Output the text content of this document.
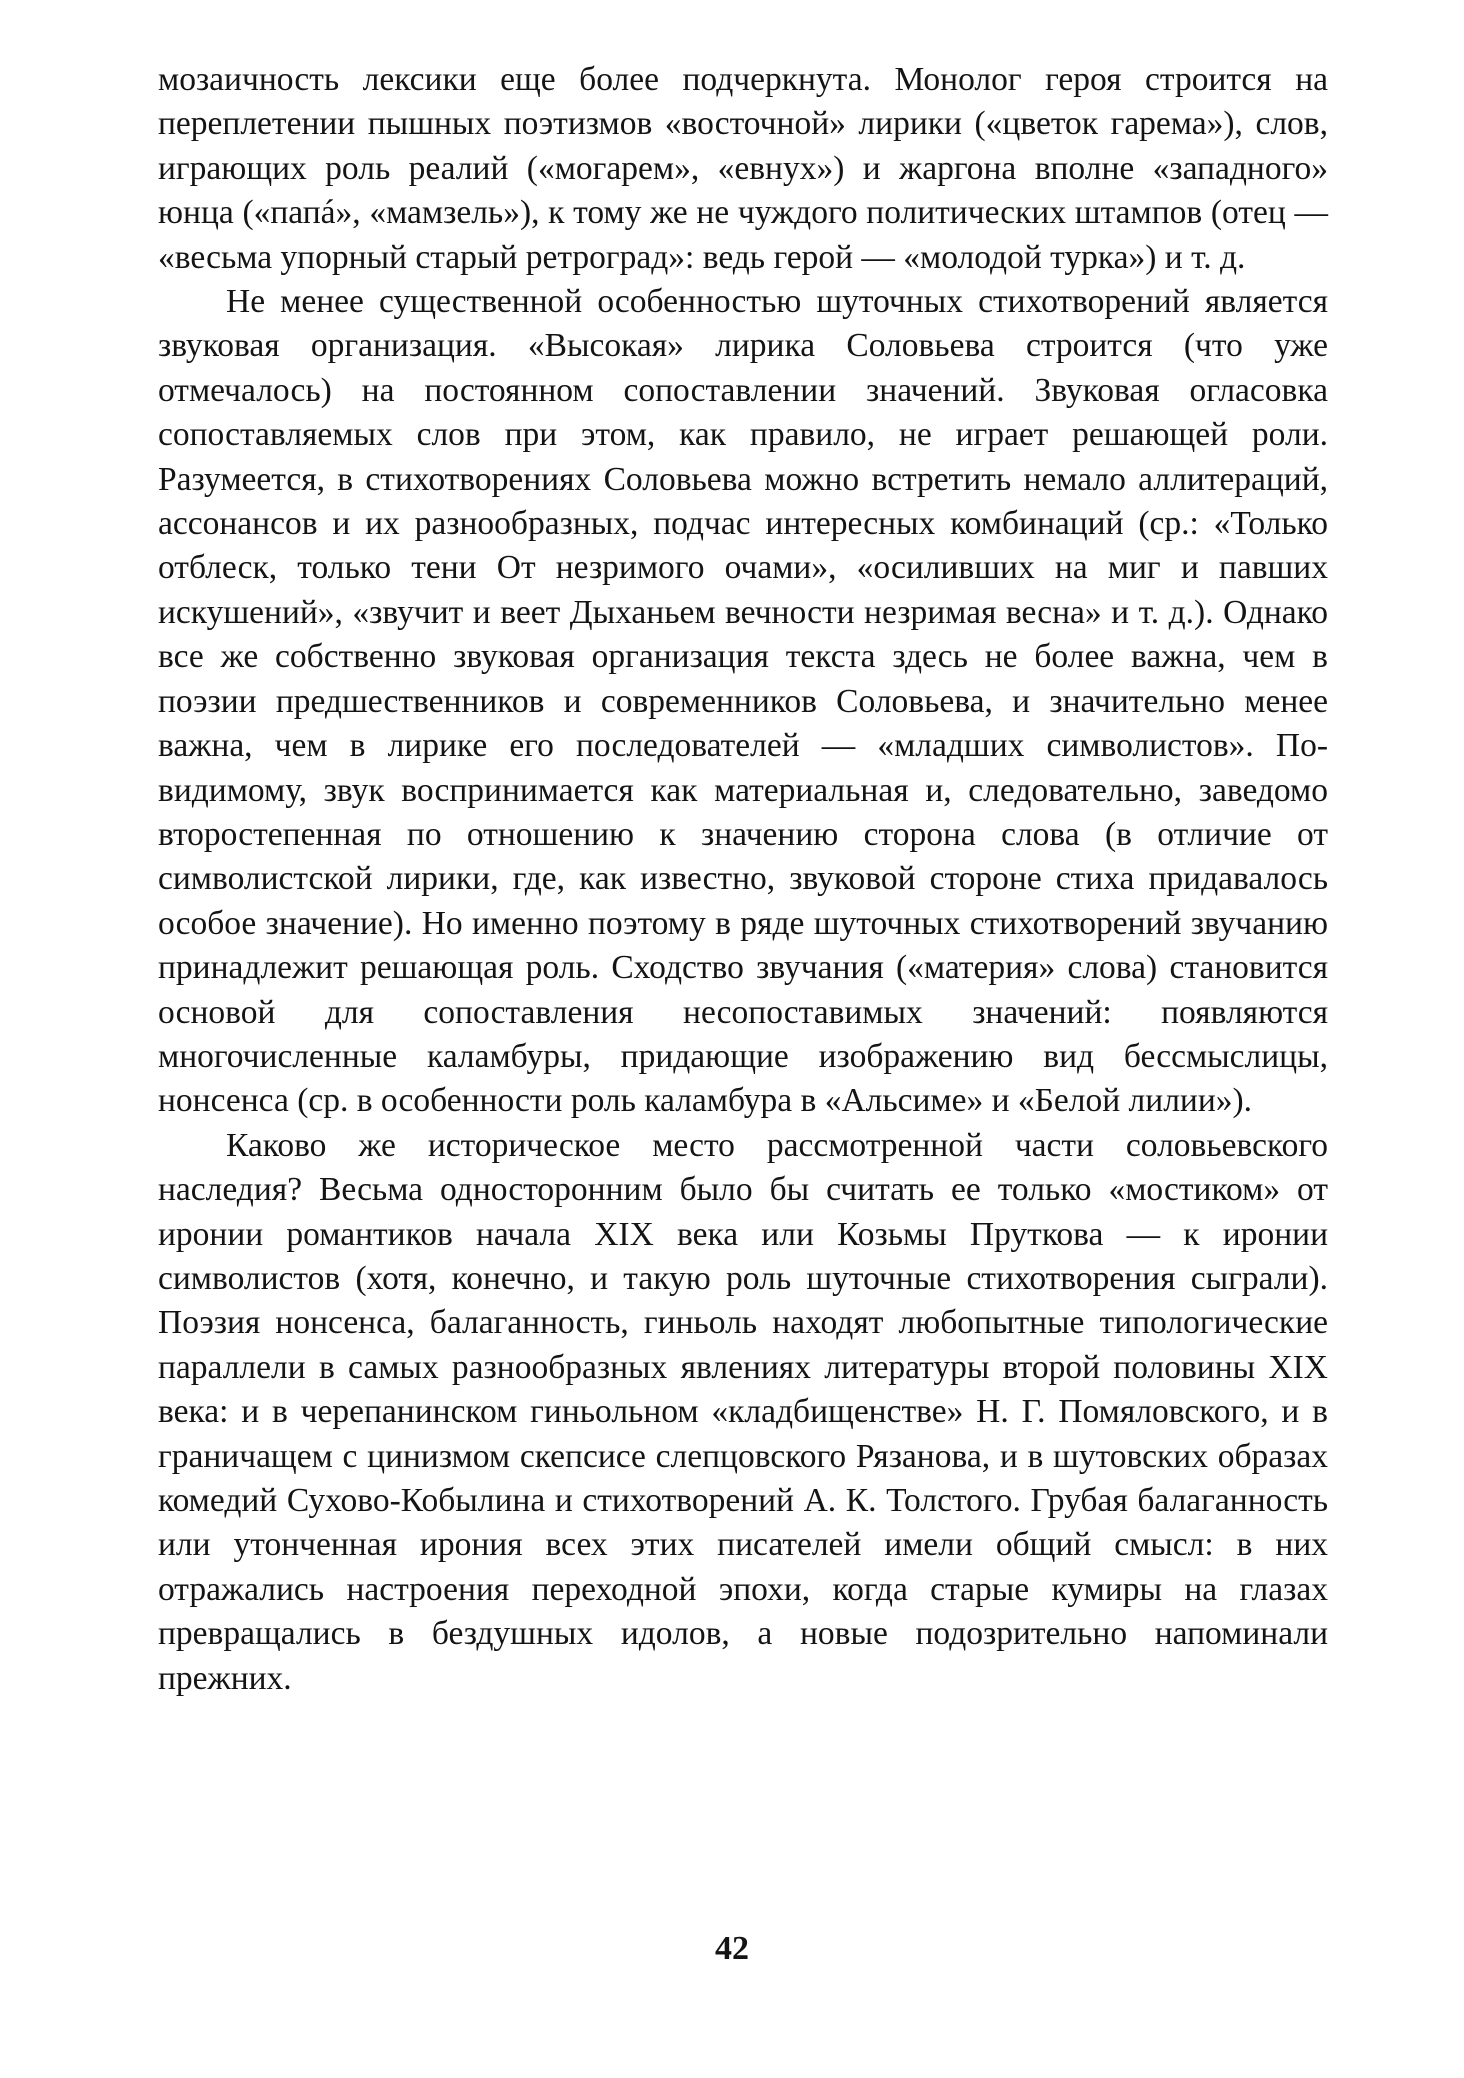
мозаичность лексики еще более подчеркнута. Монолог героя строится на переплетении пышных поэтизмов «восточной» лирики («цветок гарема»), слов, играющих роль реалий («могарем», «евнух») и жаргона вполне «западного» юнца («папá», «мамзель»), к тому же не чуждого политических штампов (отец — «весьма упорный старый ретроград»: ведь герой — «молодой турка») и т. д.

Не менее существенной особенностью шуточных стихотворений является звуковая организация. «Высокая» лирика Соловьева строится (что уже отмечалось) на постоянном сопоставлении значений. Звуковая огласовка сопоставляемых слов при этом, как правило, не играет решающей роли. Разумеется, в стихотворениях Соловьева можно встретить немало аллитераций, ассонансов и их разнообразных, подчас интересных комбинаций (ср.: «Только отблеск, только тени От незримого очами», «осиливших на миг и павших искушений», «звучит и веет Дыханьем вечности незримая весна» и т. д.). Однако все же собственно звуковая организация текста здесь не более важна, чем в поэзии предшественников и современников Соловьева, и значительно менее важна, чем в лирике его последователей — «младших символистов». По-видимому, звук воспринимается как материальная и, следовательно, заведомо второстепенная по отношению к значению сторона слова (в отличие от символистской лирики, где, как известно, звуковой стороне стиха придавалось особое значение). Но именно поэтому в ряде шуточных стихотворений звучанию принадлежит решающая роль. Сходство звучания («материя» слова) становится основой для сопоставления несопоставимых значений: появляются многочисленные каламбуры, придающие изображению вид бессмыслицы, нонсенса (ср. в особенности роль каламбура в «Альсиме» и «Белой лилии»).

Каково же историческое место рассмотренной части соловьевского наследия? Весьма односторонним было бы считать ее только «мостиком» от иронии романтиков начала XIX века или Козьмы Пруткова — к иронии символистов (хотя, конечно, и такую роль шуточные стихотворения сыграли). Поэзия нонсенса, балаганность, гиньоль находят любопытные типологические параллели в самых разнообразных явлениях литературы второй половины XIX века: и в черепанинском гиньольном «кладбищенстве» Н. Г. Помяловского, и в граничащем с цинизмом скепсисе слепцовского Рязанова, и в шутовских образах комедий Сухово-Кобылина и стихотворений А. К. Толстого. Грубая балаганность или утонченная ирония всех этих писателей имели общий смысл: в них отражались настроения переходной эпохи, когда старые кумиры на глазах превращались в бездушных идолов, а новые подозрительно напоминали прежних.

42
